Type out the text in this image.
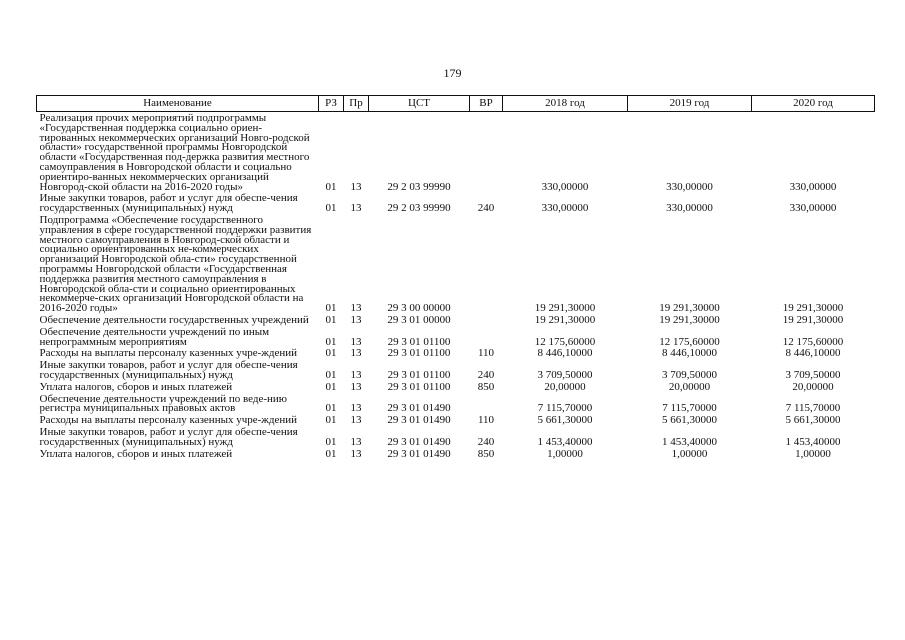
179
Наименование	РЗ	Пр	ЦСТ	ВР	2018 год	2019 год	2020 год
Реализация прочих мероприятий подпрограммы «Государственная поддержка социально ориен-тированных некоммерческих организаций Новго-родской области» государственной программы Новгородской области «Государственная под-держка развития местного самоуправления в Новгородской области и социально ориентиро-ванных некоммерческих организаций Новгород-ской области на 2016-2020 годы»	01	13	29 2 03 99990		330,00000	330,00000	330,00000
Иные закупки товаров, работ и услуг для обеспе-чения государственных (муниципальных) нужд	01	13	29 2 03 99990	240	330,00000	330,00000	330,00000
Подпрограмма «Обеспечение государственного управления в сфере государственной поддержки развития местного самоуправления в Новгород-ской области и социально ориентированных не-коммерческих организаций Новгородской обла-сти» государственной программы Новгородской области «Государственная поддержка развития местного самоуправления в Новгородской обла-сти и социально ориентированных некоммерче-ских организаций Новгородской области на 2016-2020 годы»	01	13	29 3 00 00000		19 291,30000	19 291,30000	19 291,30000
Обеспечение деятельности государственных учреждений	01	13	29 3 01 00000		19 291,30000	19 291,30000	19 291,30000
Обеспечение деятельности учреждений по иным непрограммным мероприятиям	01	13	29 3 01 01100		12 175,60000	12 175,60000	12 175,60000
Расходы на выплаты персоналу казенных учре-ждений	01	13	29 3 01 01100	110	8 446,10000	8 446,10000	8 446,10000
Иные закупки товаров, работ и услуг для обеспе-чения государственных (муниципальных) нужд	01	13	29 3 01 01100	240	3 709,50000	3 709,50000	3 709,50000
Уплата налогов, сборов и иных платежей	01	13	29 3 01 01100	850	20,00000	20,00000	20,00000
Обеспечение деятельности учреждений по веде-нию регистра муниципальных правовых актов	01	13	29 3 01 01490		7 115,70000	7 115,70000	7 115,70000
Расходы на выплаты персоналу казенных учре-ждений	01	13	29 3 01 01490	110	5 661,30000	5 661,30000	5 661,30000
Иные закупки товаров, работ и услуг для обеспе-чения государственных (муниципальных) нужд	01	13	29 3 01 01490	240	1 453,40000	1 453,40000	1 453,40000
Уплата налогов, сборов и иных платежей	01	13	29 3 01 01490	850	1,00000	1,00000	1,00000
